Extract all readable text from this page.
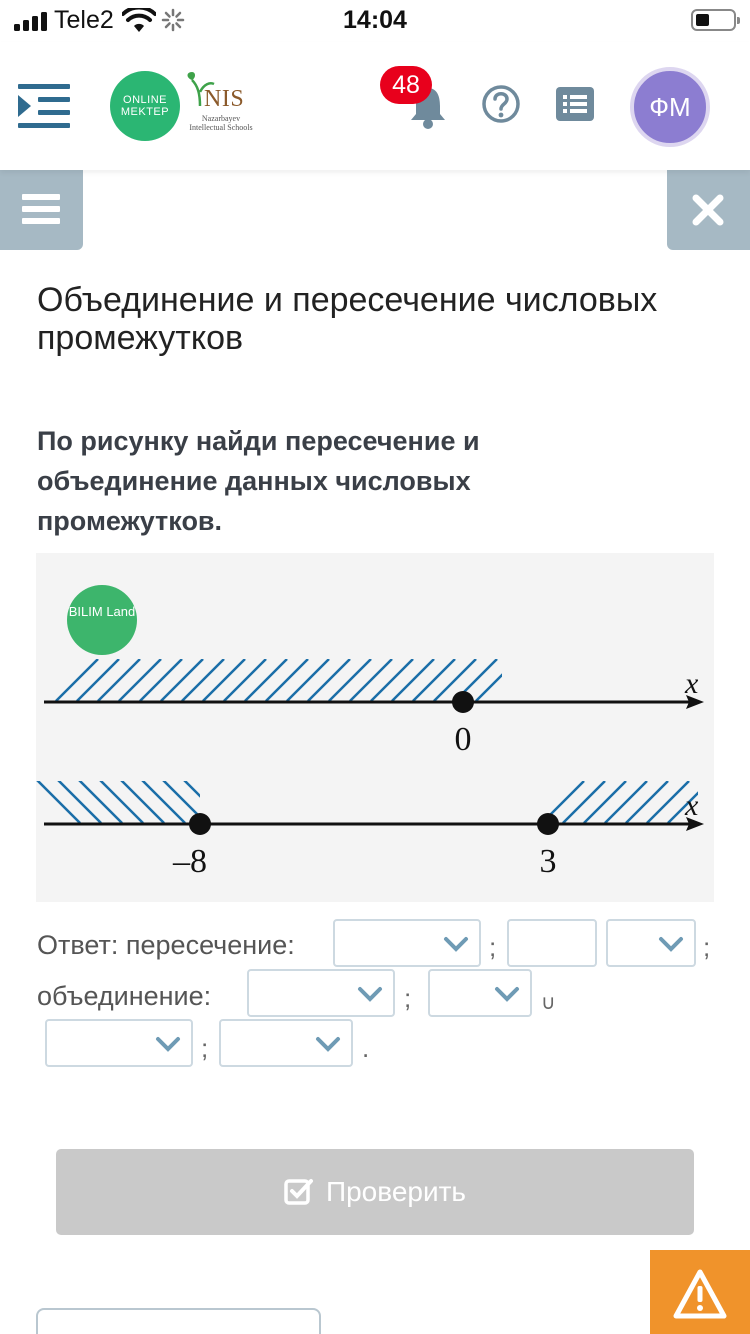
Tele2	14:04
ONLINE MEKTEP	NIS
Nazarbayev Intellectual Schools
48
ФМ
Объединение и пересечение числовых промежутков
По рисунку найди пересечение и объединение данных числовых промежутков.
x
0
x
–8	3
BILIM Land
Ответ: пересечение:	;	;
объединение:	;	∪
;	.
Проверить
